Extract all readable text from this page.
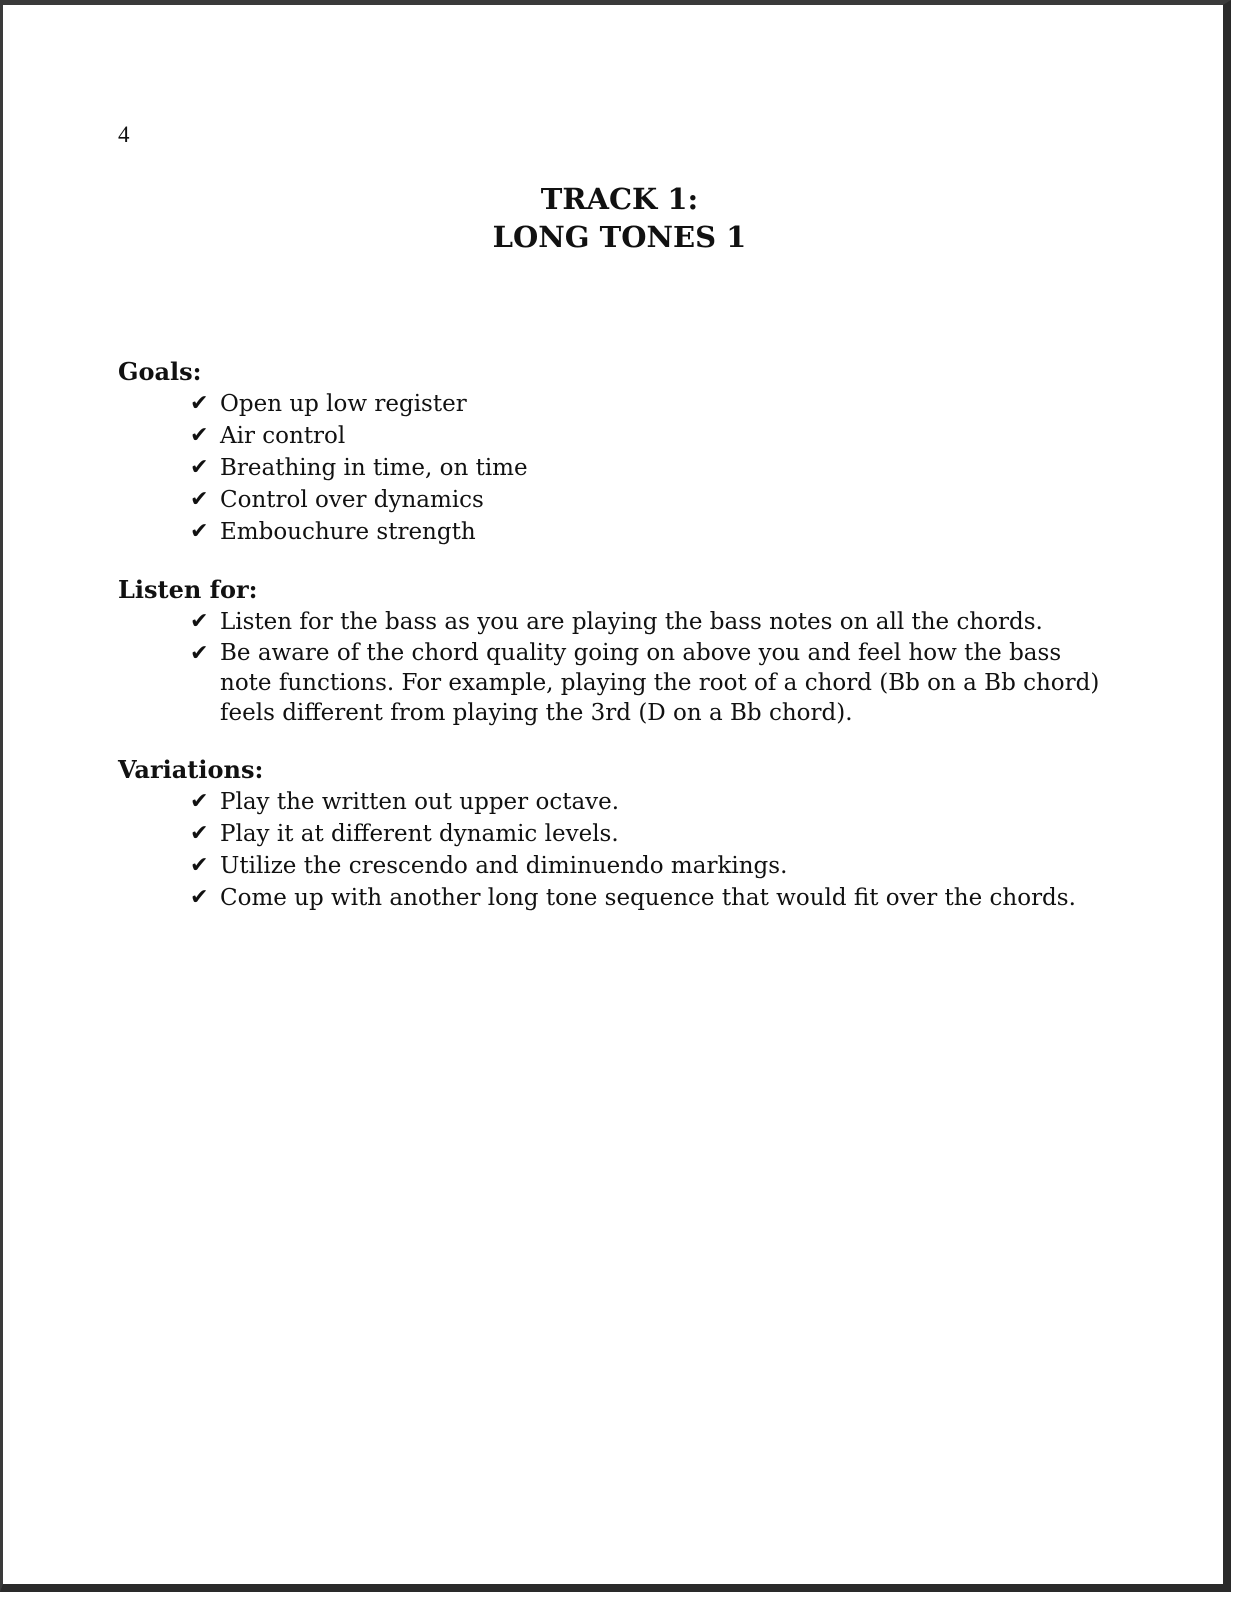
4
TRACK 1:
LONG TONES 1
Goals:
✔ Open up low register
✔ Air control
✔ Breathing in time, on time
✔ Control over dynamics
✔ Embouchure strength
Listen for:
✔ Listen for the bass as you are playing the bass notes on all the chords.
✔ Be aware of the chord quality going on above you and feel how the bass note functions. For example, playing the root of a chord (Bb on a Bb chord) feels different from playing the 3rd (D on a Bb chord).
Variations:
✔ Play the written out upper octave.
✔ Play it at different dynamic levels.
✔ Utilize the crescendo and diminuendo markings.
✔ Come up with another long tone sequence that would fit over the chords.
